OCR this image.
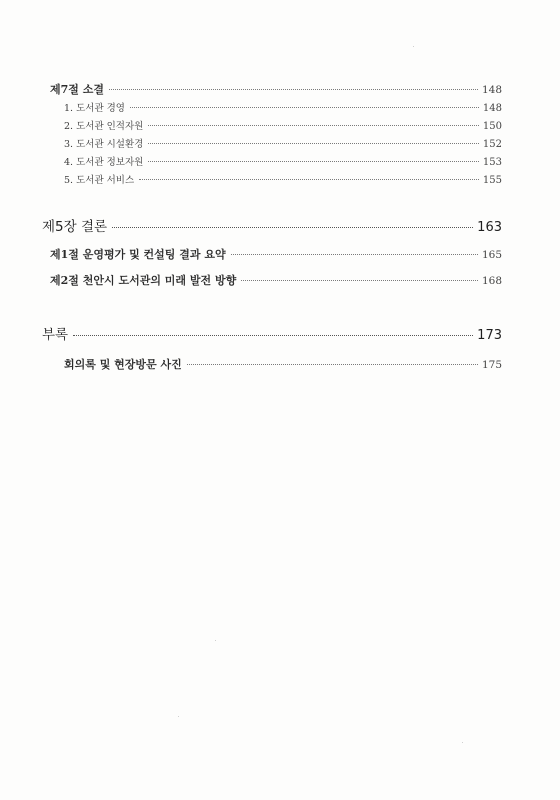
제7절 소결	148
1. 도서관 경영	148
2. 도서관 인적자원	150
3. 도서관 시설환경	152
4. 도서관 정보자원	153
5. 도서관 서비스	155
제5장 결론	163
제1절 운영평가 및 컨설팅 결과 요약	165
제2절 천안시 도서관의 미래 발전 방향	168
부록	173
회의록 및 현장방문 사진	175
